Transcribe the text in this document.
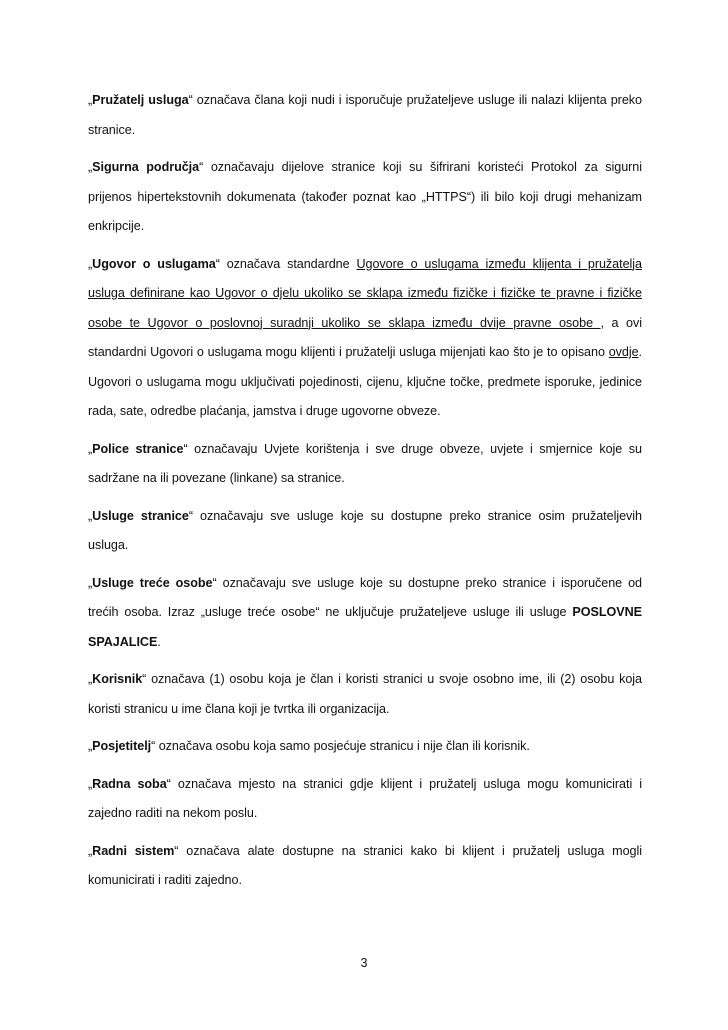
„Pružatelj usluga“ označava člana koji nudi i isporučuje pružateljeve usluge ili nalazi klijenta preko stranice.

„Sigurna područja“ označavaju dijelove stranice koji su šifrirani koristeći Protokol za sigurni prijenos hipertekstovnih dokumenata (također poznat kao „HTTPS“) ili bilo koji drugi mehanizam enkripcije.

„Ugovor o uslugama“ označava standardne Ugovore o uslugama između klijenta i pružatelja usluga definirane kao Ugovor o djelu ukoliko se sklapa između fizičke i fizičke te pravne i fizičke osobe te Ugovor o poslovnoj suradnji ukoliko se sklapa između dvije pravne osobe , a ovi standardni Ugovori o uslugama mogu klijenti i pružatelji usluga mijenjati kao što je to opisano ovdje. Ugovori o uslugama mogu uključivati pojedinosti, cijenu, ključne točke, predmete isporuke, jedinice rada, sate, odredbe plaćanja, jamstva i druge ugovorne obveze.

„Police stranice“ označavaju Uvjete korištenja i sve druge obveze, uvjete i smjernice koje su sadržane na ili povezane (linkane) sa stranice.

„Usluge stranice“ označavaju sve usluge koje su dostupne preko stranice osim pružateljevih usluga.

„Usluge treće osobe“ označavaju sve usluge koje su dostupne preko stranice i isporučene od trećih osoba. Izraz „usluge treće osobe“ ne uključuje pružateljeve usluge ili usluge POSLOVNE SPAJALICE.

„Korisnik“ označava (1) osobu koja je član i koristi stranici u svoje osobno ime, ili (2) osobu koja koristi stranicu u ime člana koji je tvrtka ili organizacija.

„Posjetitelj“ označava osobu koja samo posjećuje stranicu i nije član ili korisnik.

„Radna soba“ označava mjesto na stranici gdje klijent i pružatelj usluga mogu komunicirati i zajedno raditi na nekom poslu.

„Radni sistem“ označava alate dostupne na stranici kako bi klijent i pružatelj usluga mogli komunicirati i raditi zajedno.

3
